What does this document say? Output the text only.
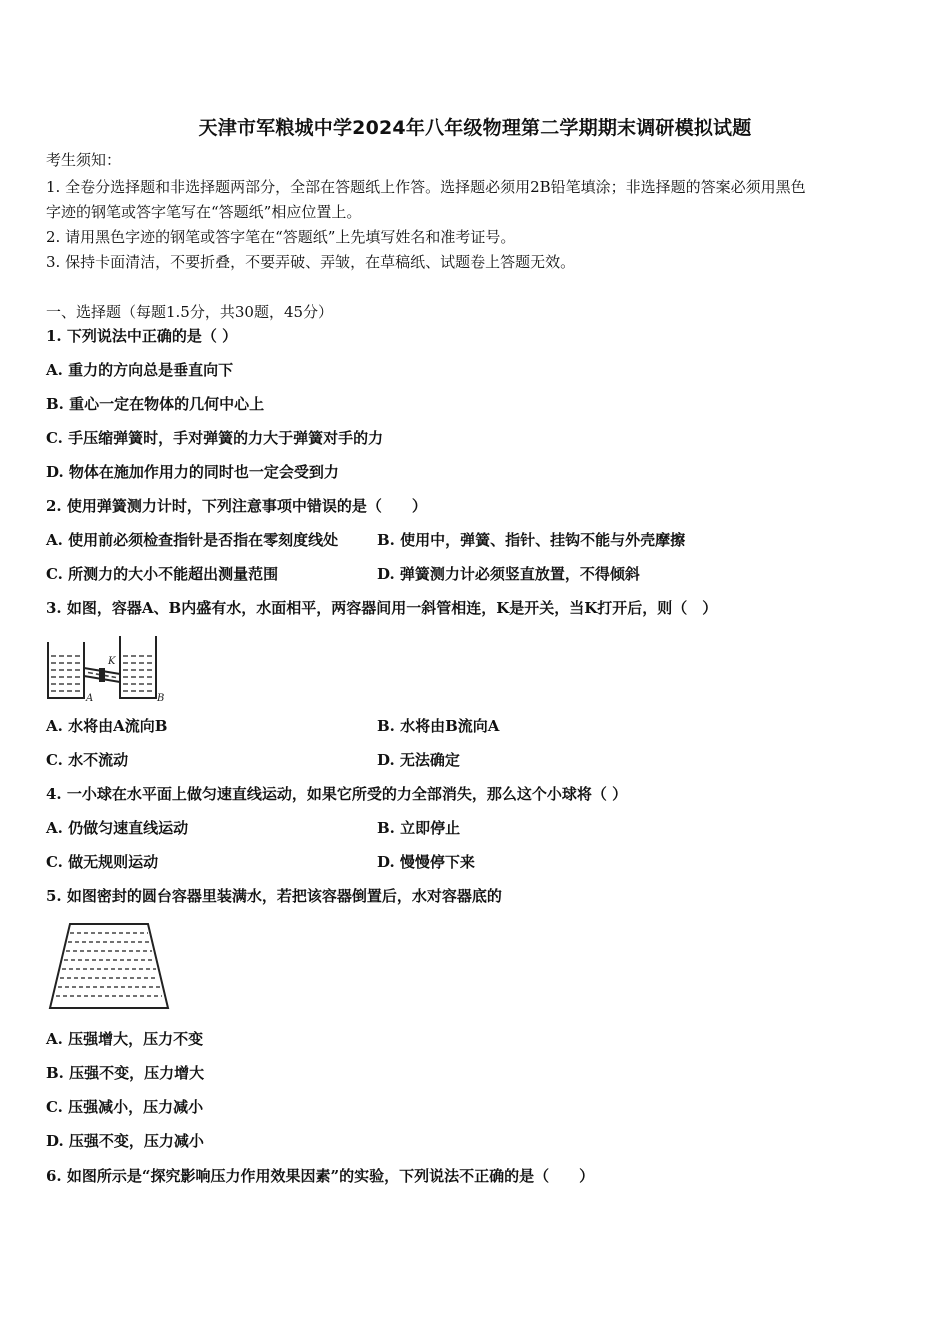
天津市军粮城中学2024年八年级物理第二学期期末调研模拟试题
考生须知：
1. 全卷分选择题和非选择题两部分，全部在答题纸上作答。选择题必须用2B铅笔填涂；非选择题的答案必须用黑色
字迹的钢笔或答字笔写在“答题纸”相应位置上。
2. 请用黑色字迹的钢笔或答字笔在“答题纸”上先填写姓名和准考证号。
3. 保持卡面清洁，不要折叠，不要弄破、弄皱，在草稿纸、试题卷上答题无效。
一、选择题（每题1.5分，共30题，45分）
1. 下列说法中正确的是（ ）
A. 重力的方向总是垂直向下
B. 重心一定在物体的几何中心上
C. 手压缩弹簧时，手对弹簧的力大于弹簧对手的力
D. 物体在施加作用力的同时也一定会受到力
2. 使用弹簧测力计时，下列注意事项中错误的是（　　）
A. 使用前必须检查指针是否指在零刻度线处	B. 使用中，弹簧、指针、挂钩不能与外壳摩擦
C. 所测力的大小不能超出测量范围	D. 弹簧测力计必须竖直放置，不得倾斜
3. 如图，容器A、B内盛有水，水面相平，两容器间用一斜管相连，K是开关，当K打开后，则（　）
K
A	B
A. 水将由A流向B	B. 水将由B流向A
C. 水不流动	D. 无法确定
4. 一小球在水平面上做匀速直线运动，如果它所受的力全部消失，那么这个小球将（ ）
A. 仍做匀速直线运动	B. 立即停止
C. 做无规则运动	D. 慢慢停下来
5. 如图密封的圆台容器里装满水，若把该容器倒置后，水对容器底的
A. 压强增大，压力不变
B. 压强不变，压力增大
C. 压强减小，压力减小
D. 压强不变，压力减小
6. 如图所示是“探究影响压力作用效果因素”的实验，下列说法不正确的是（　　）
